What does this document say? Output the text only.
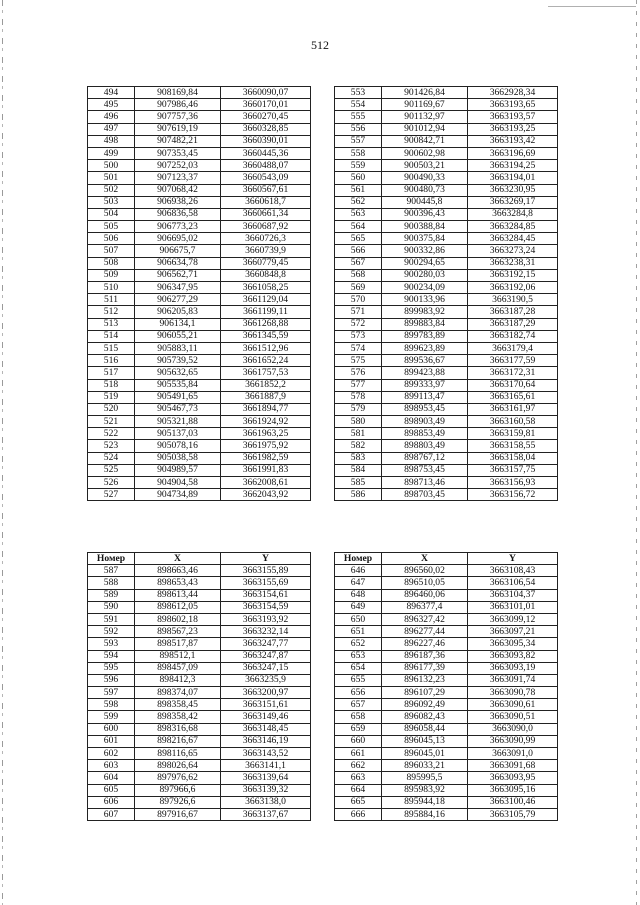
512
494	908169,84	3660090,07
495	907986,46	3660170,01
496	907757,36	3660270,45
497	907619,19	3660328,85
498	907482,21	3660390,01
499	907353,45	3660445,36
500	907252,03	3660488,07
501	907123,37	3660543,09
502	907068,42	3660567,61
503	906938,26	3660618,7
504	906836,58	3660661,34
505	906773,23	3660687,92
506	906695,02	3660726,3
507	906675,7	3660739,9
508	906634,78	3660779,45
509	906562,71	3660848,8
510	906347,95	3661058,25
511	906277,29	3661129,04
512	906205,83	3661199,11
513	906134,1	3661268,88
514	906055,21	3661345,59
515	905883,11	3661512,96
516	905739,52	3661652,24
517	905632,65	3661757,53
518	905535,84	3661852,2
519	905491,65	3661887,9
520	905467,73	3661894,77
521	905321,88	3661924,92
522	905137,03	3661963,25
523	905078,16	3661975,92
524	905038,58	3661982,59
525	904989,57	3661991,83
526	904904,58	3662008,61
527	904734,89	3662043,92
553	901426,84	3662928,34
554	901169,67	3663193,65
555	901132,97	3663193,57
556	901012,94	3663193,25
557	900842,71	3663193,42
558	900602,98	3663196,69
559	900503,21	3663194,25
560	900490,33	3663194,01
561	900480,73	3663230,95
562	900445,8	3663269,17
563	900396,43	3663284,8
564	900388,84	3663284,85
565	900375,84	3663284,45
566	900332,86	3663273,24
567	900294,65	3663238,31
568	900280,03	3663192,15
569	900234,09	3663192,06
570	900133,96	3663190,5
571	899983,92	3663187,28
572	899883,84	3663187,29
573	899783,89	3663182,74
574	899623,89	3663179,4
575	899536,67	3663177,59
576	899423,88	3663172,31
577	899333,97	3663170,64
578	899113,47	3663165,61
579	898953,45	3663161,97
580	898903,49	3663160,58
581	898853,49	3663159,81
582	898803,49	3663158,55
583	898767,12	3663158,04
584	898753,45	3663157,75
585	898713,46	3663156,93
586	898703,45	3663156,72
Номер	X	Y
587	898663,46	3663155,89
588	898653,43	3663155,69
589	898613,44	3663154,61
590	898612,05	3663154,59
591	898602,18	3663193,92
592	898567,23	3663232,14
593	898517,87	3663247,77
594	898512,1	3663247,87
595	898457,09	3663247,15
596	898412,3	3663235,9
597	898374,07	3663200,97
598	898358,45	3663151,61
599	898358,42	3663149,46
600	898316,68	3663148,45
601	898216,67	3663146,19
602	898116,65	3663143,52
603	898026,64	3663141,1
604	897976,62	3663139,64
605	897966,6	3663139,32
606	897926,6	3663138,0
607	897916,67	3663137,67
Номер	X	Y
646	896560,02	3663108,43
647	896510,05	3663106,54
648	896460,06	3663104,37
649	896377,4	3663101,01
650	896327,42	3663099,12
651	896277,44	3663097,21
652	896227,46	3663095,34
653	896187,36	3663093,82
654	896177,39	3663093,19
655	896132,23	3663091,74
656	896107,29	3663090,78
657	896092,49	3663090,61
658	896082,43	3663090,51
659	896058,44	3663090,0
660	896045,13	3663090,99
661	896045,01	3663091,0
662	896033,21	3663091,68
663	895995,5	3663093,95
664	895983,92	3663095,16
665	895944,18	3663100,46
666	895884,16	3663105,79
